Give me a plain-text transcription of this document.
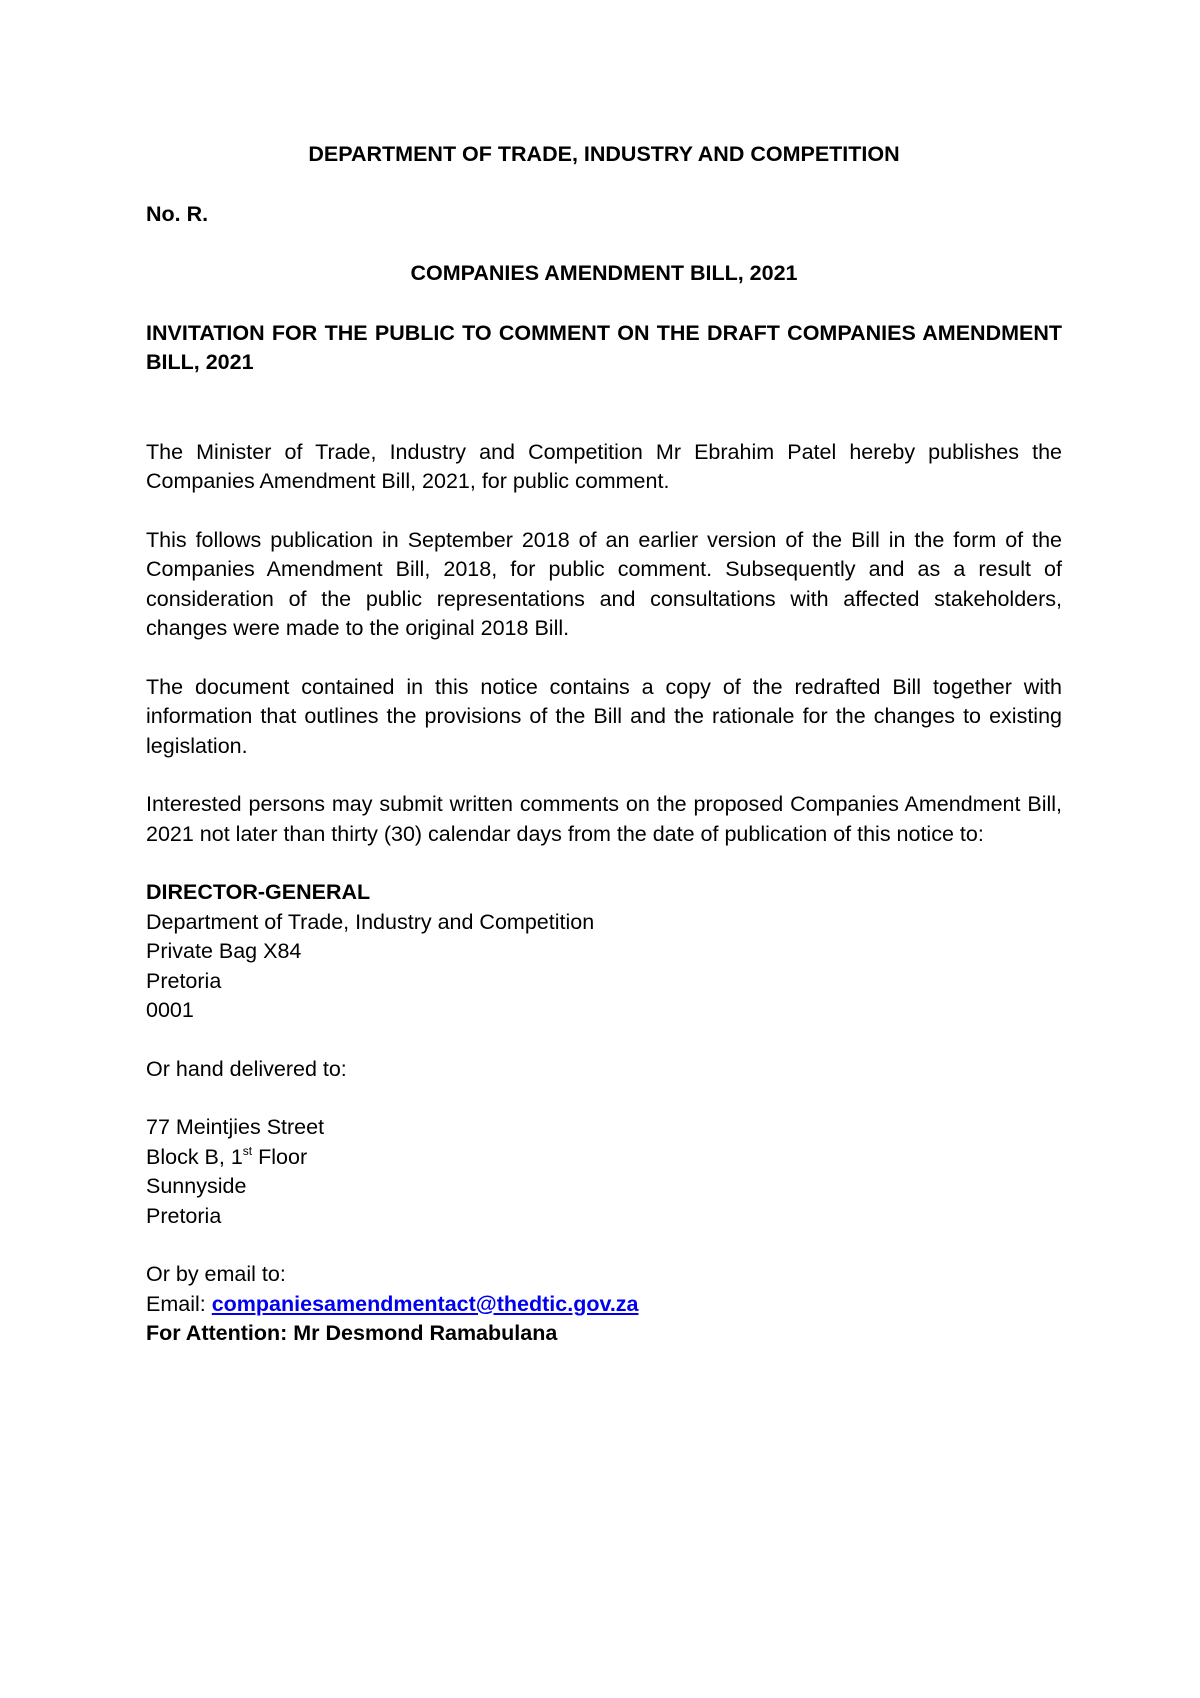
DEPARTMENT OF TRADE, INDUSTRY AND COMPETITION

No. R.

COMPANIES AMENDMENT BILL, 2021

INVITATION FOR THE PUBLIC TO COMMENT ON THE DRAFT COMPANIES AMENDMENT BILL, 2021

The Minister of Trade, Industry and Competition Mr Ebrahim Patel hereby publishes the Companies Amendment Bill, 2021, for public comment.

This follows publication in September 2018 of an earlier version of the Bill in the form of the Companies Amendment Bill, 2018, for public comment. Subsequently and as a result of consideration of the public representations and consultations with affected stakeholders, changes were made to the original 2018 Bill.

The document contained in this notice contains a copy of the redrafted Bill together with information that outlines the provisions of the Bill and the rationale for the changes to existing legislation.

Interested persons may submit written comments on the proposed Companies Amendment Bill, 2021 not later than thirty (30) calendar days from the date of publication of this notice to:

DIRECTOR-GENERAL
Department of Trade, Industry and Competition
Private Bag X84
Pretoria
0001
Or hand delivered to:
77 Meintjies Street
Block B, 1st Floor
Sunnyside
Pretoria
Or by email to:
Email: companiesamendmentact@thedtic.gov.za
For Attention: Mr Desmond Ramabulana
